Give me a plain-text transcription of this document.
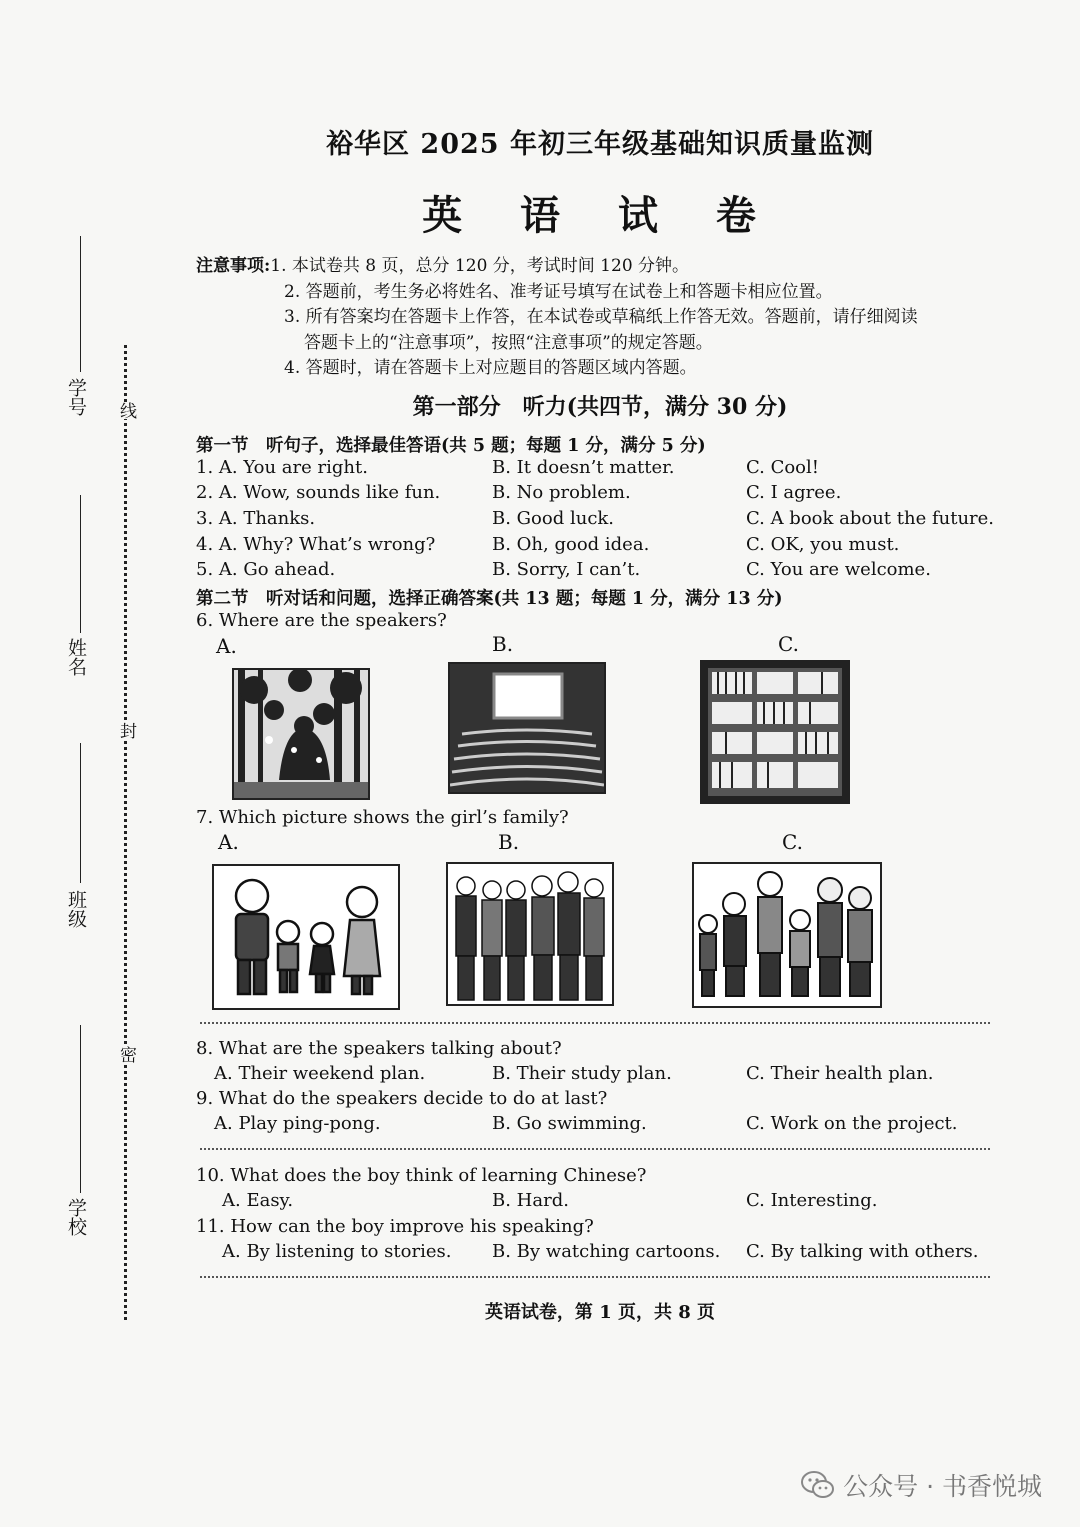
学号
姓名
班级
学校
线
封
密
裕华区 2025 年初三年级基础知识质量监测
英 语 试 卷
注意事项:1. 本试卷共 8 页，总分 120 分，考试时间 120 分钟。
2. 答题前，考生务必将姓名、准考证号填写在试卷上和答题卡相应位置。
3. 所有答案均在答题卡上作答，在本试卷或草稿纸上作答无效。答题前，请仔细阅读
答题卡上的“注意事项”，按照“注意事项”的规定答题。
4. 答题时，请在答题卡上对应题目的答题区域内答题。
第一部分　听力(共四节，满分 30 分)
第一节　听句子，选择最佳答语(共 5 题；每题 1 分，满分 5 分)
1. A. You are right.	B. It doesn’t matter.	C. Cool!
2. A. Wow, sounds like fun.	B. No problem.	C. I agree.
3. A. Thanks.	B. Good luck.	C. A book about the future.
4. A. Why? What’s wrong?	B. Oh, good idea.	C. OK, you must.
5. A. Go ahead.	B. Sorry, I can’t.	C. You are welcome.
第二节　听对话和问题，选择正确答案(共 13 题；每题 1 分，满分 13 分)
6. Where are the speakers?
A.	B.	C.
7. Which picture shows the girl’s family?
A.	B.	C.
8. What are the speakers talking about?
A. Their weekend plan.	B. Their study plan.	C. Their health plan.
9. What do the speakers decide to do at last?
A. Play ping-pong.	B. Go swimming.	C. Work on the project.
10. What does the boy think of learning Chinese?
A. Easy.	B. Hard.	C. Interesting.
11. How can the boy improve his speaking?
A. By listening to stories. B. By watching cartoons. C. By talking with others.
英语试卷，第 1 页，共 8 页
公众号 · 书香悦城
